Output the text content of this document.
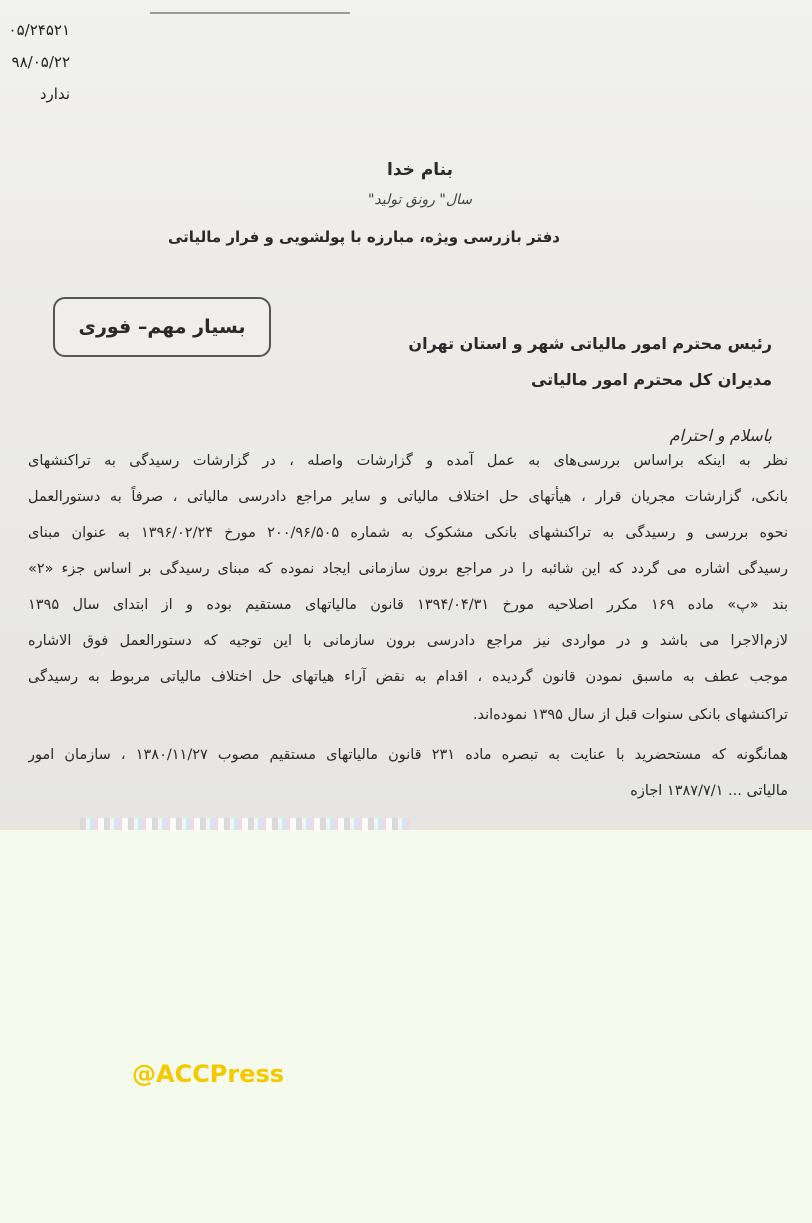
۰۵/۲۴۵۲۱
۹۸/۰۵/۲۲
ندارد
بنام خدا
سال" رونق تولید"
دفتر بازرسی ویژه، مبارزه با پولشویی و فرار مالیاتی
بسیار مهم– فوری
رئیس محترم امور مالیاتی شهر و استان تهران
مدیران کل محترم امور مالیاتی
باسلام و احترام
نظر به اینکه براساس بررسی‌های به عمل آمده و گزارشات واصله ، در گزارشات رسیدگی به تراکنشهای
بانکی، گزارشات مجریان قرار ، هیأتهای حل اختلاف مالیاتی و سایر مراجع دادرسی مالیاتی ، صرفاً به دستورالعمل
نحوه بررسی و رسیدگی به تراکنشهای بانکی مشکوک به شماره ۲۰۰/۹۶/۵۰۵ مورخ ۱۳۹۶/۰۲/۲۴ به عنوان مبنای
رسیدگی اشاره می گردد که این شائبه را در مراجع برون سازمانی ایجاد نموده که مبنای رسیدگی بر اساس جزء «۲»
بند «پ» ماده ۱۶۹ مکرر اصلاحیه مورخ ۱۳۹۴/۰۴/۳۱ قانون مالیاتهای مستقیم بوده و از ابتدای سال ۱۳۹۵
لازم‌الاجرا می باشد و در مواردی نیز مراجع دادرسی برون سازمانی با این توجیه که دستورالعمل فوق الاشاره
موجب عطف به ماسبق نمودن قانون گردیده ، اقدام به نقض آراء هیاتهای حل اختلاف مالیاتی مربوط به رسیدگی
تراکنشهای بانکی سنوات قبل از سال ۱۳۹۵ نموده‌اند.
همانگونه که مستحضرید با عنایت به تبصره ماده ۲۳۱ قانون مالیاتهای مستقیم مصوب ۱۳۸۰/۱۱/۲۷ ، سازمان امور
مالیاتی ... ۱۳۸۷/۷/۱ اجازه
@ACCPress
